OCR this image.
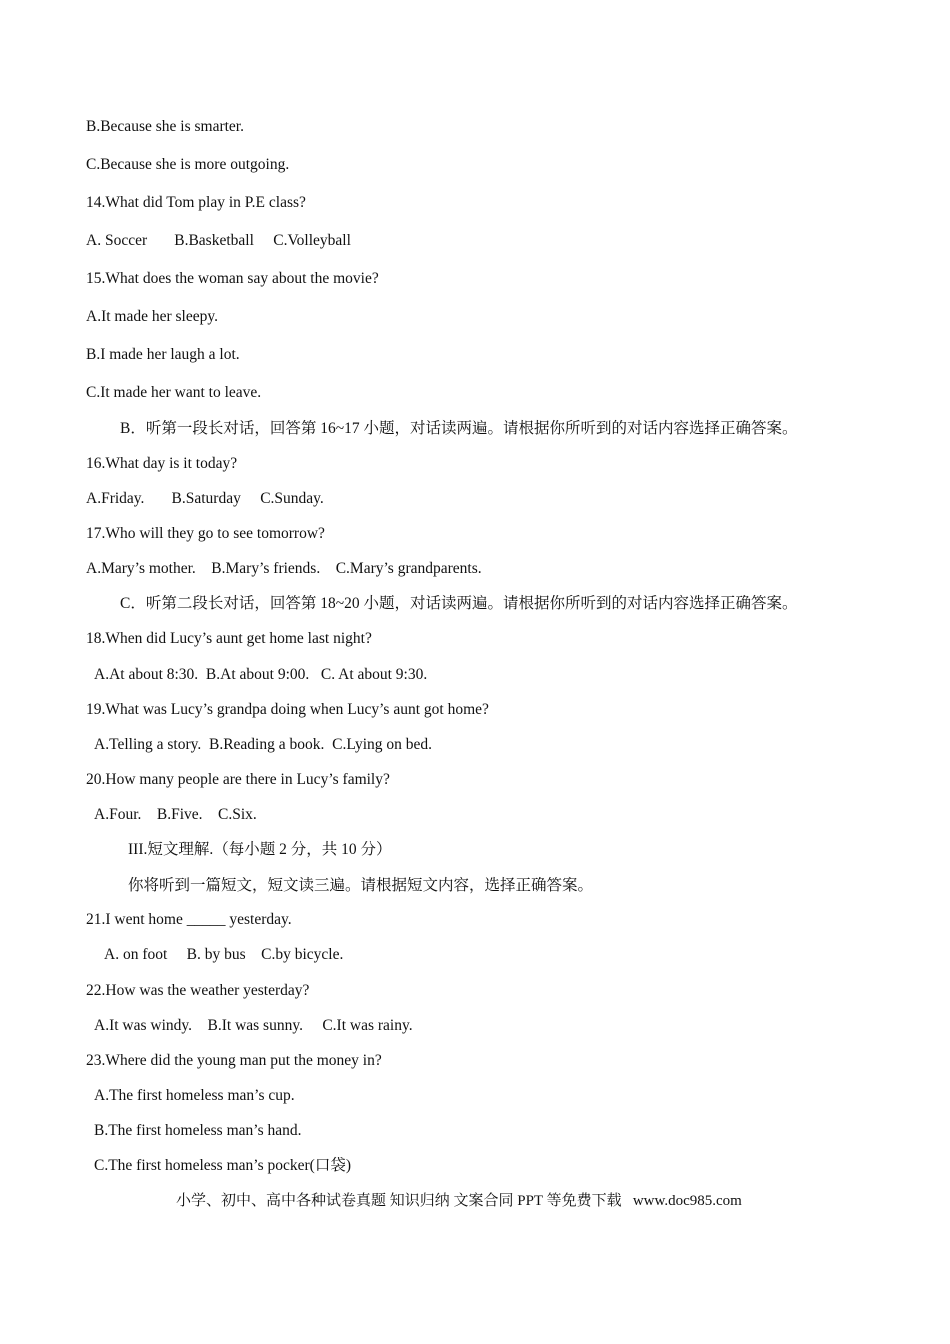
B.Because she is smarter.
C.Because she is more outgoing.
14.What did Tom play in P.E class?
A. Soccer       B.Basketball     C.Volleyball
15.What does the woman say about the movie?
A.It made her sleepy.
B.I made her laugh a lot.
C.It made her want to leave.
B．听第一段长对话，回答第 16~17 小题，对话读两遍。请根据你所听到的对话内容选择正确答案。
16.What day is it today?
A.Friday.       B.Saturday     C.Sunday.
17.Who will they go to see tomorrow?
A.Mary’s mother.    B.Mary’s friends.    C.Mary’s grandparents.
C．听第二段长对话，回答第 18~20 小题，对话读两遍。请根据你所听到的对话内容选择正确答案。
18.When did Lucy’s aunt get home last night?
A.At about 8:30.  B.At about 9:00.   C. At about 9:30.
19.What was Lucy’s grandpa doing when Lucy’s aunt got home?
A.Telling a story.  B.Reading a book.  C.Lying on bed.
20.How many people are there in Lucy’s family?
A.Four.    B.Five.    C.Six.
III.短文理解.（每小题 2 分，共 10 分）
你将听到一篇短文，短文读三遍。请根据短文内容，选择正确答案。
21.I went home _____ yesterday.
A. on foot     B. by bus    C.by bicycle.
22.How was the weather yesterday?
A.It was windy.    B.It was sunny.     C.It was rainy.
23.Where did the young man put the money in?
A.The first homeless man’s cup.
B.The first homeless man’s hand.
C.The first homeless man’s pocker(口袋)
小学、初中、高中各种试卷真题 知识归纳 文案合同 PPT 等免费下载   www.doc985.com
